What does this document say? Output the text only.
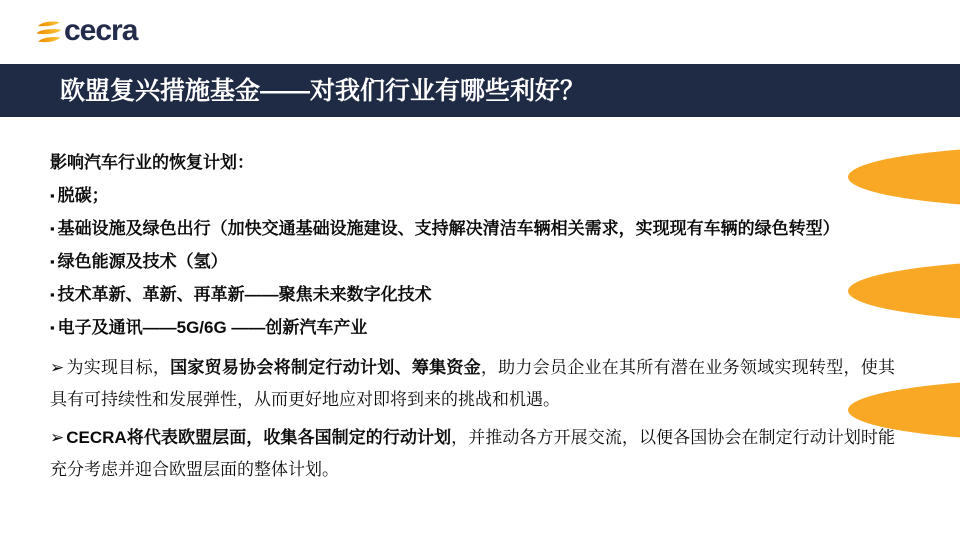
cecra
欧盟复兴措施基金——对我们行业有哪些利好？

影响汽车行业的恢复计划：

▪ 脱碳；
▪ 基础设施及绿色出行（加快交通基础设施建设、支持解决清洁车辆相关需求，实现现有车辆的绿色转型）
▪ 绿色能源及技术（氢）
▪ 技术革新、革新、再革新——聚焦未来数字化技术
▪ 电子及通讯——5G/6G ——创新汽车产业

➢ 为实现目标，国家贸易协会将制定行动计划、筹集资金，助力会员企业在其所有潜在业务领域实现转型，使其具有可持续性和发展弹性，从而更好地应对即将到来的挑战和机遇。

➢ CECRA将代表欧盟层面，收集各国制定的行动计划，并推动各方开展交流，以便各国协会在制定行动计划时能充分考虑并迎合欧盟层面的整体计划。
